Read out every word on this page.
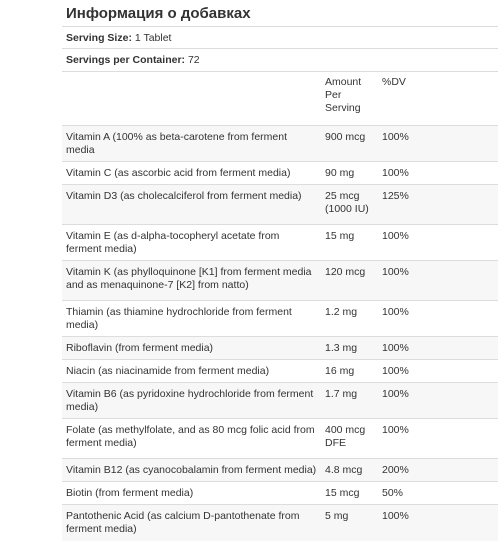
Информация о добавках
Serving Size: 1 Tablet
Servings per Container: 72
	Amount Per Serving	%DV
Vitamin A (100% as beta-carotene from ferment media	900 mcg	100%
Vitamin C (as ascorbic acid from ferment media)	90 mg	100%
Vitamin D3 (as cholecalciferol from ferment media)	25 mcg (1000 IU)	125%
Vitamin E (as d-alpha-tocopheryl acetate from ferment media)	15 mg	100%
Vitamin K (as phylloquinone [K1] from ferment media and as menaquinone-7 [K2] from natto)	120 mcg	100%
Thiamin (as thiamine hydrochloride from ferment media)	1.2 mg	100%
Riboflavin (from ferment media)	1.3 mg	100%
Niacin (as niacinamide from ferment media)	16 mg	100%
Vitamin B6 (as pyridoxine hydrochloride from ferment media)	1.7 mg	100%
Folate (as methylfolate, and as 80 mcg folic acid from ferment media)	400 mcg DFE	100%
Vitamin B12 (as cyanocobalamin from ferment media)	4.8 mcg	200%
Biotin (from ferment media)	15 mcg	50%
Pantothenic Acid (as calcium D-pantothenate from ferment media)	5 mg	100%
